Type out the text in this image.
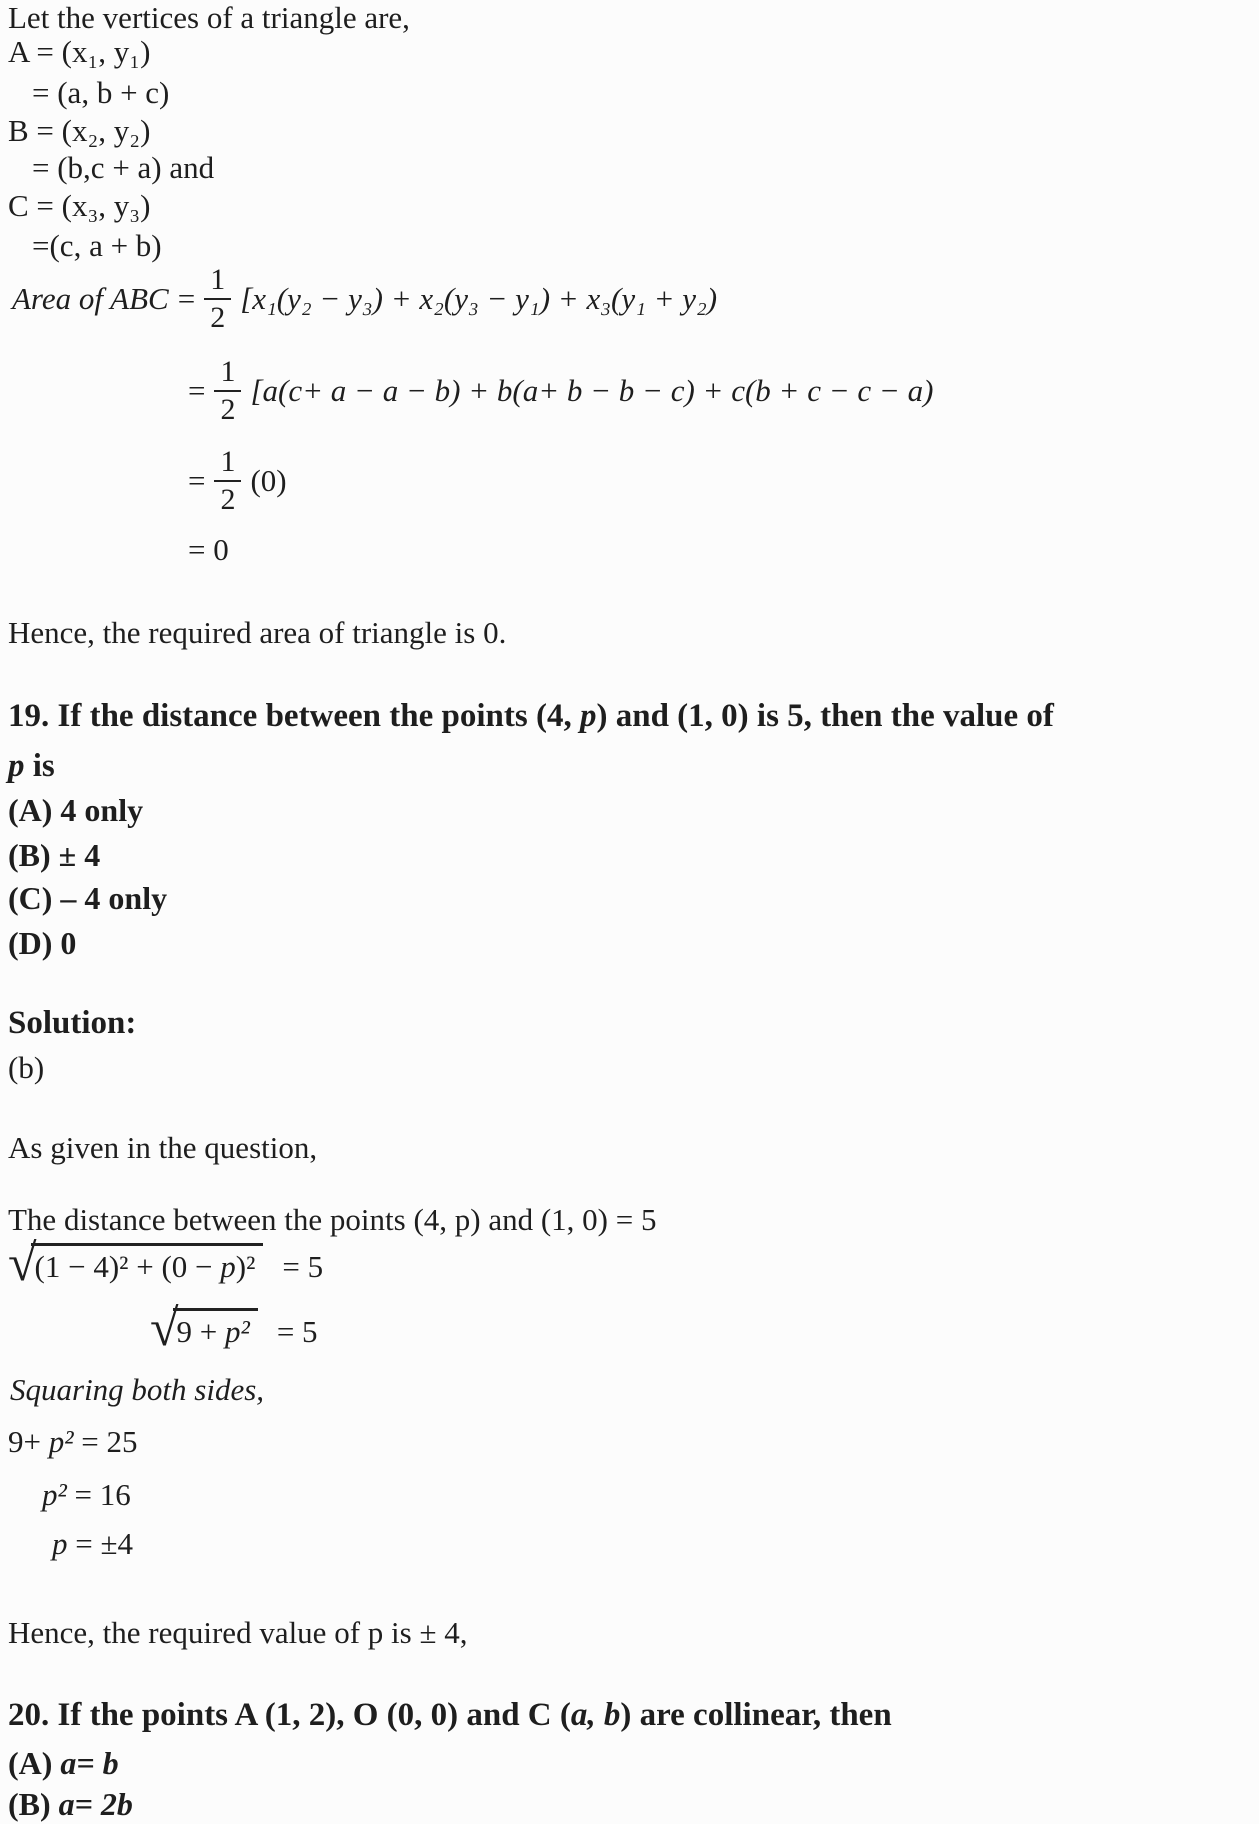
Let the vertices of a triangle are,
A = (x₁, y₁)
= (a, b + c)
B = (x₂, y₂)
= (b,c + a) and
C = (x₃, y₃)
=(c, a + b)
Area of ABC = $\frac{1}{2} [x_1(y_2 - y_3) + x_2(y_3 - y_1) + x_3(y_1 + y_2)$
= $\frac{1}{2} [a(c+ a - a - b) + b(a+ b - b - c) + c(b + c - c - a)$
= $\frac{1}{2} (0)$
= 0
Hence, the required area of triangle is 0.
19. If the distance between the points (4, p) and (1, 0) is 5, then the value of
p is
(A) 4 only
(B) ± 4
(C) – 4 only
(D) 0
Solution:
(b)
As given in the question,
The distance between the points (4, p) and (1, 0) = 5
√
(1 − 4)² + (0 − p)² = 5
√
9 + p² = 5
Squaring both sides,
9+ p² = 25
p² = 16
p = ±4
Hence, the required value of p is ± 4,
20. If the points A (1, 2), O (0, 0) and C (a, b) are collinear, then
(A) a= b
(B) a= 2b
